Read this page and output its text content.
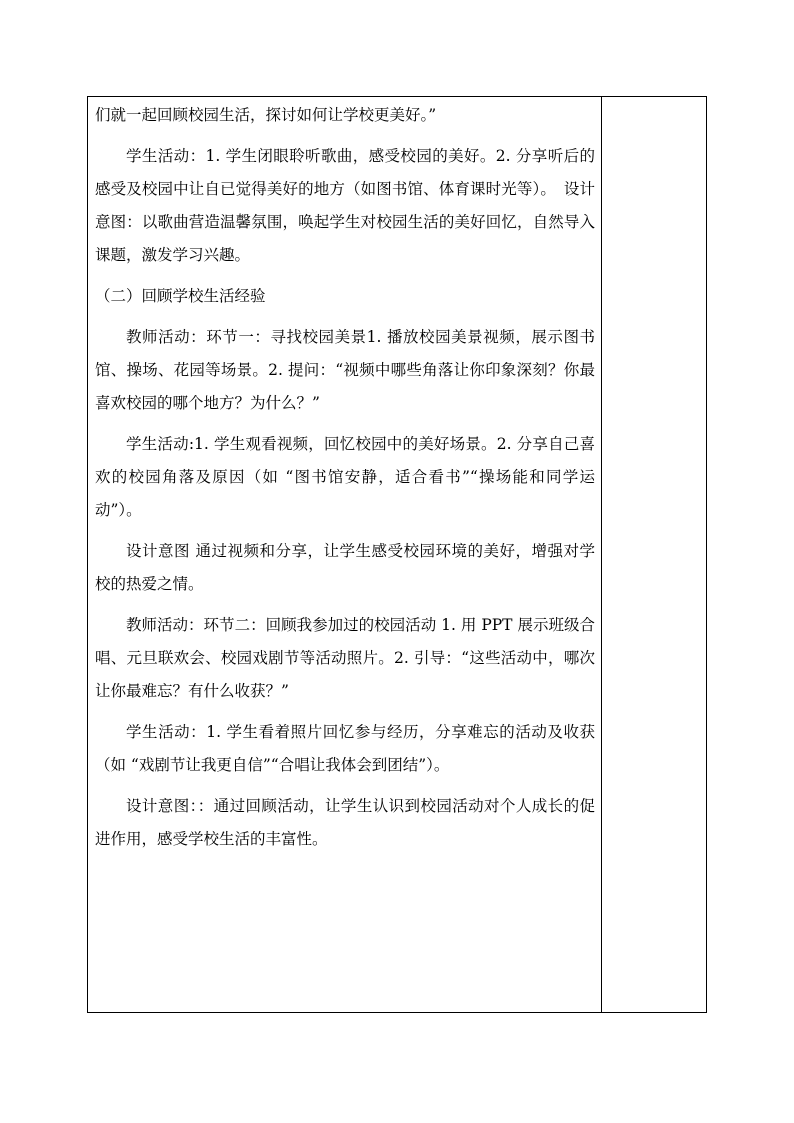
们就一起回顾校园生活，探讨如何让学校更美好。”

学生活动：1. 学生闭眼聆听歌曲，感受校园的美好。2. 分享听后的感受及校园中让自已觉得美好的地方（如图书馆、体育课时光等）。　设计意图：以歌曲营造温馨氛围，唤起学生对校园生活的美好回忆，自然导入课题，激发学习兴趣。

（二）回顾学校生活经验

教师活动：环节一：寻找校园美景1. 播放校园美景视频，展示图书馆、操场、花园等场景。2. 提问：“视频中哪些角落让你印象深刻？你最喜欢校园的哪个地方？为什么？”

学生活动:1. 学生观看视频，回忆校园中的美好场景。2. 分享自己喜欢的校园角落及原因（如 “图书馆安静，适合看书”“操场能和同学运动”）。

设计意图 通过视频和分享，让学生感受校园环境的美好，增强对学校的热爱之情。

教师活动：环节二：回顾我参加过的校园活动 1. 用 PPT 展示班级合唱、元旦联欢会、校园戏剧节等活动照片。2. 引导：“这些活动中，哪次让你最难忘？有什么收获？”

学生活动：1. 学生看着照片回忆参与经历，分享难忘的活动及收获（如 “戏剧节让我更自信”“合唱让我体会到团结”）。

设计意图：：通过回顾活动，让学生认识到校园活动对个人成长的促进作用，感受学校生活的丰富性。
